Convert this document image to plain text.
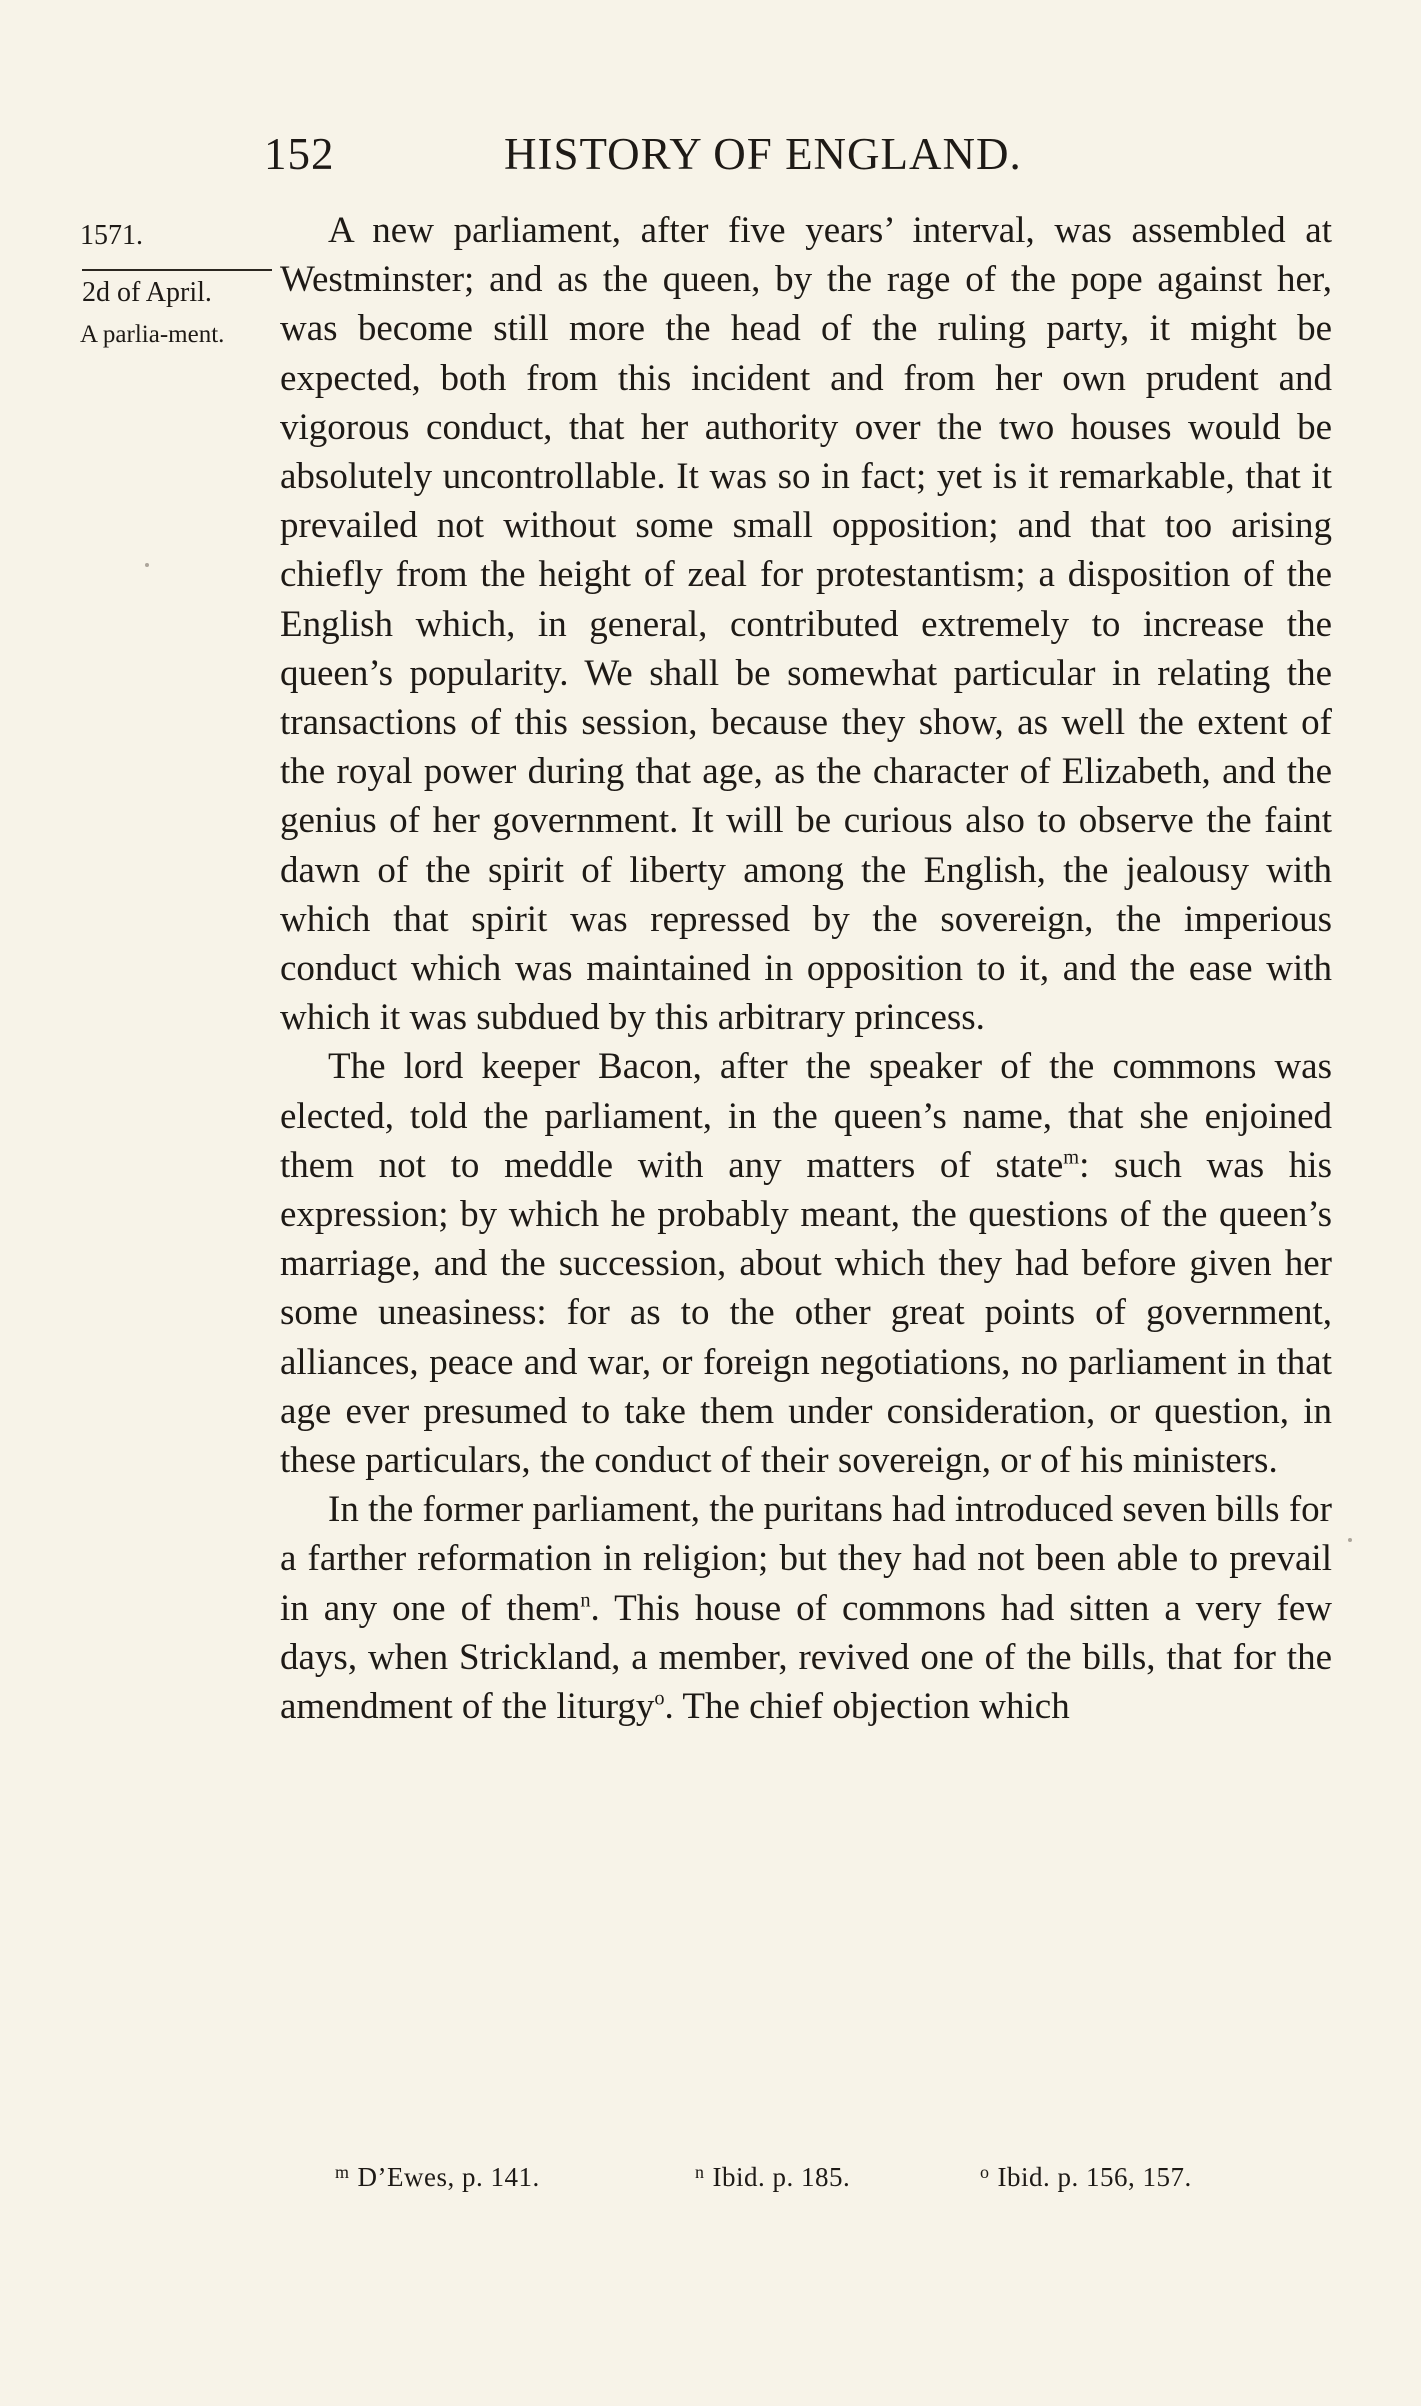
152	HISTORY OF ENGLAND.
1571.
2d of April.
A parlia-ment.

A new parliament, after five years’ interval, was assembled at Westminster; and as the queen, by the rage of the pope against her, was become still more the head of the ruling party, it might be expected, both from this incident and from her own prudent and vigorous conduct, that her authority over the two houses would be absolutely uncontrollable. It was so in fact; yet is it remarkable, that it prevailed not without some small opposition; and that too arising chiefly from the height of zeal for protestantism; a disposition of the English which, in general, contributed extremely to increase the queen’s popularity. We shall be somewhat particular in relating the transactions of this session, because they show, as well the extent of the royal power during that age, as the character of Elizabeth, and the genius of her government. It will be curious also to observe the faint dawn of the spirit of liberty among the English, the jealousy with which that spirit was repressed by the sovereign, the imperious conduct which was maintained in opposition to it, and the ease with which it was subdued by this arbitrary princess.

The lord keeper Bacon, after the speaker of the commons was elected, told the parliament, in the queen’s name, that she enjoined them not to meddle with any matters of state$^m$: such was his expression; by which he probably meant, the questions of the queen’s marriage, and the succession, about which they had before given her some uneasiness: for as to the other great points of government, alliances, peace and war, or foreign negotiations, no parliament in that age ever presumed to take them under consideration, or question, in these particulars, the conduct of their sovereign, or of his ministers.

In the former parliament, the puritans had introduced seven bills for a farther reformation in religion; but they had not been able to prevail in any one of them$^n$. This house of commons had sitten a very few days, when Strickland, a member, revived one of the bills, that for the amendment of the liturgy$^o$. The chief objection which

$^m$ D’Ewes, p. 141.	$^n$ Ibid. p. 185.	$^o$ Ibid. p. 156, 157.
